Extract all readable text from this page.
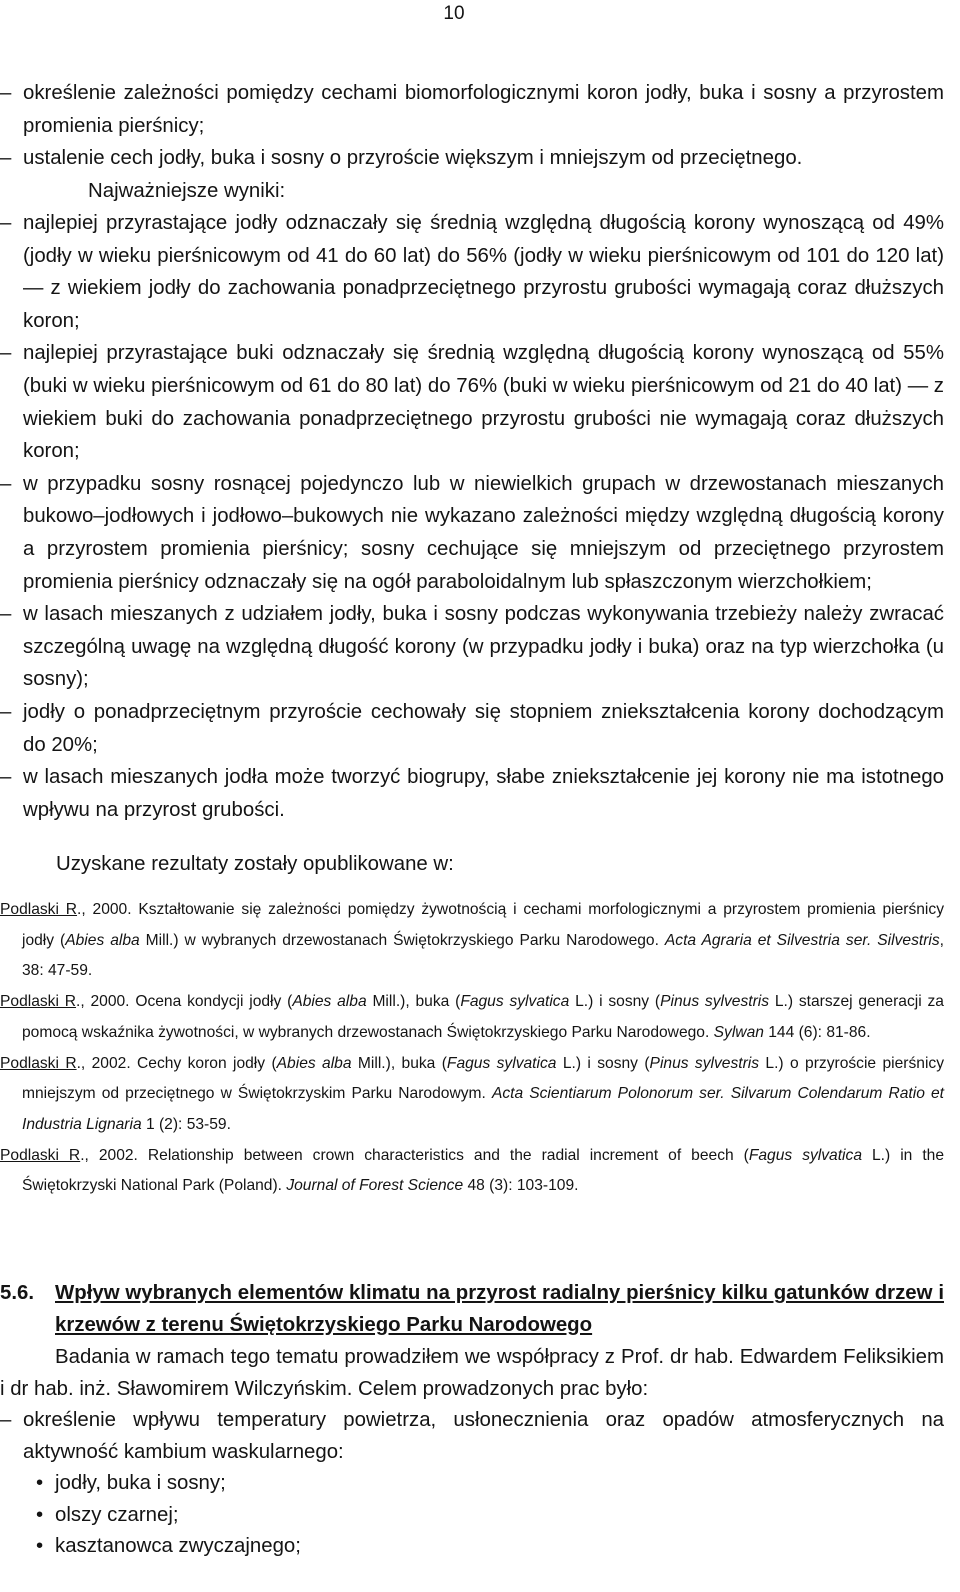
10
– określenie zależności pomiędzy cechami biomorfologicznymi koron jodły, buka i sosny a przyrostem promienia pierśnicy;
– ustalenie cech jodły, buka i sosny o przyroście większym i mniejszym od przeciętnego.
Najważniejsze wyniki:
– najlepiej przyrastające jodły odznaczały się średnią względną długością korony wynoszącą od 49% (jodły w wieku pierśnicowym od 41 do 60 lat) do 56% (jodły w wieku pierśnicowym od 101 do 120 lat) — z wiekiem jodły do zachowania ponadprzeciętnego przyrostu grubości wymagają coraz dłuższych koron;
– najlepiej przyrastające buki odznaczały się średnią względną długością korony wynoszącą od 55% (buki w wieku pierśnicowym od 61 do 80 lat) do 76% (buki w wieku pierśnicowym od 21 do 40 lat) — z wiekiem buki do zachowania ponadprzeciętnego przyrostu grubości nie wymagają coraz dłuższych koron;
– w przypadku sosny rosnącej pojedynczo lub w niewielkich grupach w drzewostanach mieszanych bukowo–jodłowych i jodłowo–bukowych nie wykazano zależności między względną długością korony a przyrostem promienia pierśnicy; sosny cechujące się mniejszym od przeciętnego przyrostem promienia pierśnicy odznaczały się na ogół paraboloidalnym lub spłaszczonym wierzchołkiem;
– w lasach mieszanych z udziałem jodły, buka i sosny podczas wykonywania trzebieży należy zwracać szczególną uwagę na względną długość korony (w przypadku jodły i buka) oraz na typ wierzchołka (u sosny);
– jodły o ponadprzeciętnym przyroście cechowały się stopniem zniekształcenia korony dochodzącym do 20%;
– w lasach mieszanych jodła może tworzyć biogrupy, słabe zniekształcenie jej korony nie ma istotnego wpływu na przyrost grubości.
Uzyskane rezultaty zostały opublikowane w:
Podlaski R., 2000. Kształtowanie się zależności pomiędzy żywotnością i cechami morfologicznymi a przyrostem promienia pierśnicy jodły (Abies alba Mill.) w wybranych drzewostanach Świętokrzyskiego Parku Narodowego. Acta Agraria et Silvestria ser. Silvestris, 38: 47-59.
Podlaski R., 2000. Ocena kondycji jodły (Abies alba Mill.), buka (Fagus sylvatica L.) i sosny (Pinus sylvestris L.) starszej generacji za pomocą wskaźnika żywotności, w wybranych drzewostanach Świętokrzyskiego Parku Narodowego. Sylwan 144 (6): 81-86.
Podlaski R., 2002. Cechy koron jodły (Abies alba Mill.), buka (Fagus sylvatica L.) i sosny (Pinus sylvestris L.) o przyroście pierśnicy mniejszym od przeciętnego w Świętokrzyskim Parku Narodowym. Acta Scientiarum Polonorum ser. Silvarum Colendarum Ratio et Industria Lignaria 1 (2): 53-59.
Podlaski R., 2002. Relationship between crown characteristics and the radial increment of beech (Fagus sylvatica L.) in the Świętokrzyski National Park (Poland). Journal of Forest Science 48 (3): 103-109.
5.6. Wpływ wybranych elementów klimatu na przyrost radialny pierśnicy kilku gatunków drzew i krzewów z terenu Świętokrzyskiego Parku Narodowego
Badania w ramach tego tematu prowadziłem we współpracy z Prof. dr hab. Edwardem Feliksikiem i dr hab. inż. Sławomirem Wilczyńskim. Celem prowadzonych prac było:
– określenie wpływu temperatury powietrza, usłonecznienia oraz opadów atmosferycznych na aktywność kambium waskularnego:
• jodły, buka i sosny;
• olszy czarnej;
• kasztanowca zwyczajnego;
